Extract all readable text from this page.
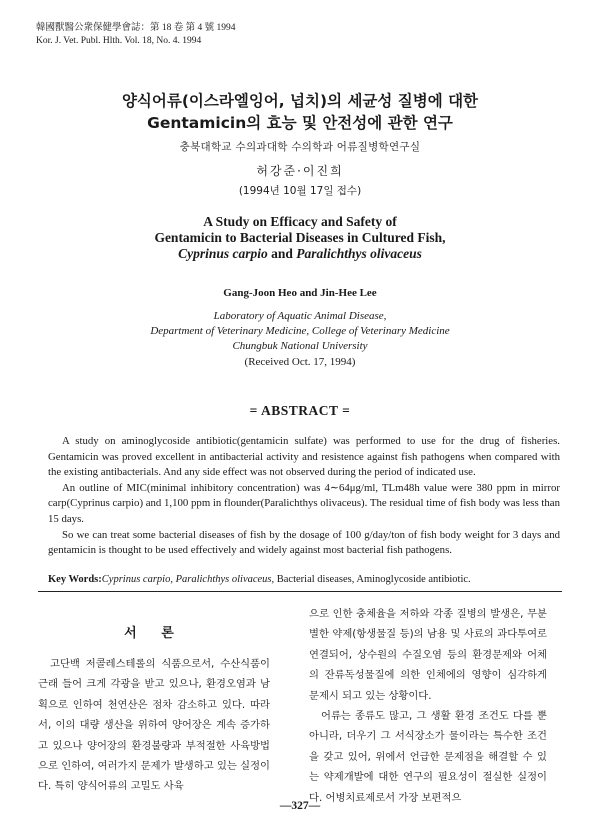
韓國獸醫公衆保健學會誌：第 18 卷 第 4 號 1994
Kor. J. Vet. Publ. Hlth. Vol. 18, No. 4. 1994
양식어류(이스라엘잉어, 넙치)의 세균성 질병에 대한
Gentamicin의 효능 및 안전성에 관한 연구
충북대학교 수의과대학 수의학과 어류질병학연구실
허강준·이진희
(1994년 10월 17일 접수)
A Study on Efficacy and Safety of
Gentamicin to Bacterial Diseases in Cultured Fish,
Cyprinus carpio and Paralichthys olivaceus
Gang-Joon Heo and Jin-Hee Lee
Laboratory of Aquatic Animal Disease,
Department of Veterinary Medicine, College of Veterinary Medicine
Chungbuk National University
(Received Oct. 17, 1994)
= ABSTRACT =

A study on aminoglycoside antibiotic(gentamicin sulfate) was performed to use for the drug of fisheries. Gentamicin was proved excellent in antibacterial activity and resistence against fish pathogens when compared with the existing antibacterials. And any side effect was not observed during the period of indicated use.

An outline of MIC(minimal inhibitory concentration) was 4∼64μg/ml, TLm48h value were 380 ppm in mirror carp(Cyprinus carpio) and 1,100 ppm in flounder(Paralichthys olivaceus). The residual time of fish body was less than 15 days.

So we can treat some bacterial diseases of fish by the dosage of 100 g/day/ton of fish body weight for 3 days and gentamicin is thought to be used effectively and widely against most bacterial fish pathogens.

Key Words:Cyprinus carpio, Paralichthys olivaceus, Bacterial diseases, Aminoglycoside antibiotic.
서 론

고단백 저콜레스테롤의 식품으로서, 수산식품이 근래 들어 크게 각광을 받고 있으나, 환경오염과 남획으로 인하여 천연산은 점차 감소하고 있다. 따라서, 이의 대량 생산을 위하여 양어장은 계속 증가하고 있으나 양어장의 환경불량과 부적절한 사육방법으로 인하여, 여러가지 문제가 발생하고 있는 실정이다. 특히 양식어류의 고밀도 사육

으로 인한 충체율을 저하와 각종 질병의 발생은, 무분별한 약제(항생물질 등)의 남용 및 사료의 과다투여로 연결되어, 상수원의 수질오염 등의 환경문제와 어체의 잔류독성물질에 의한 인체에의 영향이 심각하게 문제시 되고 있는 상황이다.

어류는 종류도 많고, 그 생활 환경 조건도 다를 뿐 아니라, 더우기 그 서식장소가 물이라는 특수한 조건을 갖고 있어, 위에서 언급한 문제점을 해결할 수 있는 약제개발에 대한 연구의 필요성이 절실한 실정이다. 어병치료제로서 가장 보편적으

—327—
